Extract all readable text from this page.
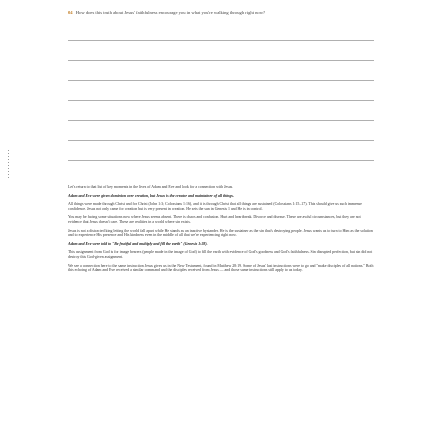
04 How does this truth about Jesus' faithfulness encourage you in what you're walking through right now?

Let's return to that list of key moments in the lives of Adam and Eve and look for a connection with Jesus.

Adam and Eve were given dominion over creation, but Jesus is the creator and maintainer of all things.

All things were made through Christ and for Christ (John 1:3; Colossians 1:16), and it is through Christ that all things are sustained (Colossians 1:15–17). This should give us such immense confidence. Jesus not only came for creation but is very present in creation. He sets the sun in Genesis 1 and He is in control.

You may be facing some situations now where Jesus seems absent. There is chaos and confusion. Hurt and heartbreak. Divorce and disease. These are awful circumstances, but they are not evidence that Jesus doesn't care. These are realities in a world where sin exists.

Jesus is not a distracted king letting the world fall apart while He stands as an inactive bystander. He is the sustainer as the sin that's destroying people. Jesus wants us to turn to Him as the solution and to experience His presence and His kindness even in the middle of all that we're experiencing right now.

Adam and Eve were told to "Be fruitful and multiply and fill the earth" (Genesis 1:28).

This assignment from God is for image bearers (people made in the image of God) to fill the earth with evidence of God's goodness and God's faithfulness. Sin disrupted perfection, but sin did not destroy this God-given assignment.

We see a connection here to the same instruction Jesus gives us in the New Testament, found in Matthew 28:19. Some of Jesus' last instructions were to go and "make disciples of all nations." Both this echoing of Adam and Eve received a similar command and the disciples received from Jesus — and those same instructions still apply to us today.
